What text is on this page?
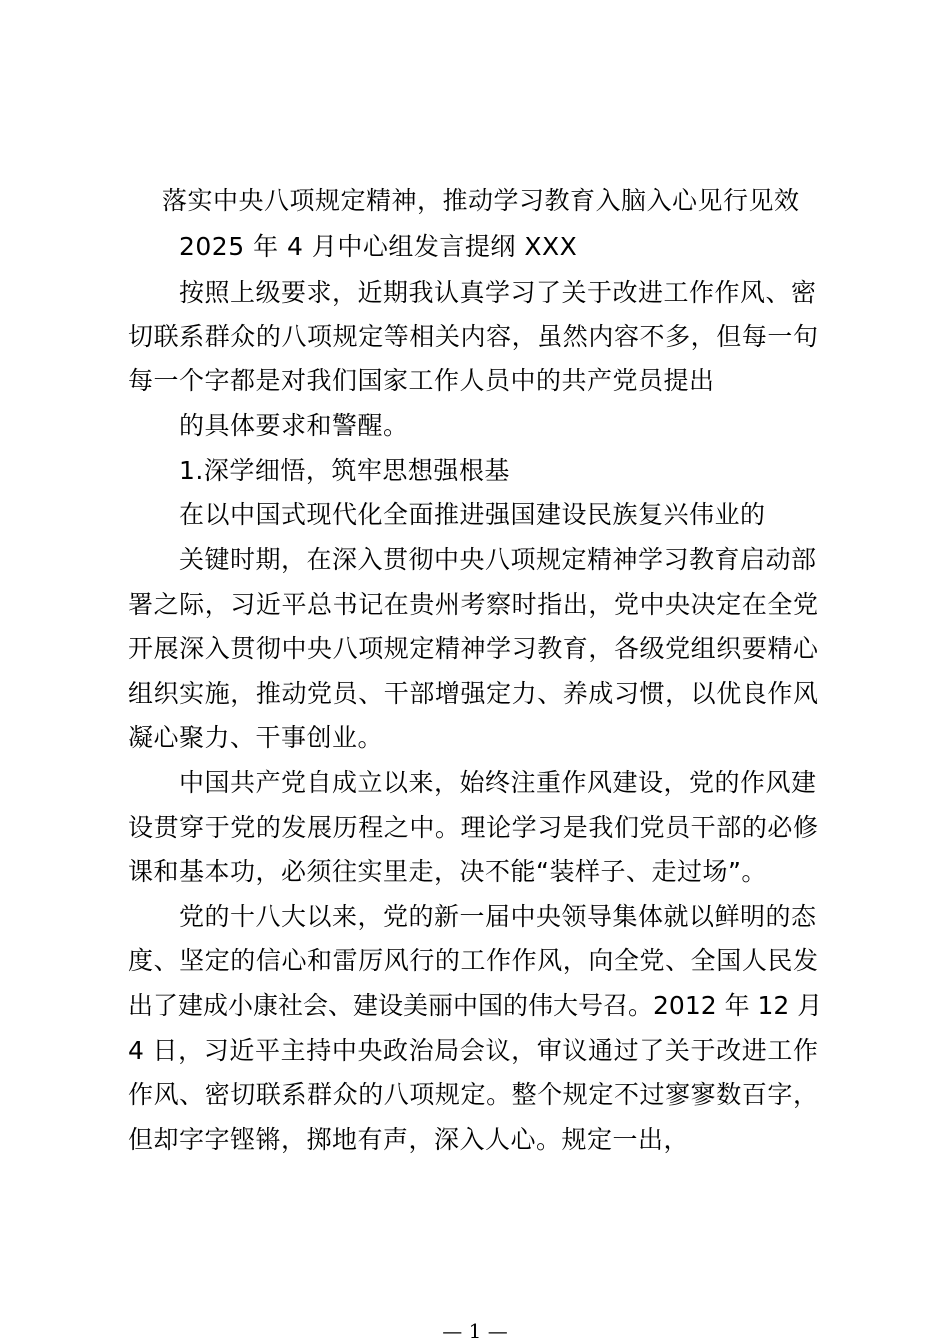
落实中央八项规定精神，推动学习教育入脑入心见行见效
2025 年 4 月中心组发言提纲 XXX
按照上级要求，近期我认真学习了关于改进工作作风、密
切联系群众的八项规定等相关内容，虽然内容不多，但每一句
每一个字都是对我们国家工作人员中的共产党员提出
的具体要求和警醒。
1.深学细悟，筑牢思想强根基
在以中国式现代化全面推进强国建设民族复兴伟业的
关键时期，在深入贯彻中央八项规定精神学习教育启动部
署之际，习近平总书记在贵州考察时指出，党中央决定在全党
开展深入贯彻中央八项规定精神学习教育，各级党组织要精心
组织实施，推动党员、干部增强定力、养成习惯，以优良作风
凝心聚力、干事创业。
中国共产党自成立以来，始终注重作风建设，党的作风建
设贯穿于党的发展历程之中。理论学习是我们党员干部的必修
课和基本功，必须往实里走，决不能“装样子、走过场”。
党的十八大以来，党的新一届中央领导集体就以鲜明的态
度、坚定的信心和雷厉风行的工作作风，向全党、全国人民发
出了建成小康社会、建设美丽中国的伟大号召。2012 年 12 月
4 日，习近平主持中央政治局会议，审议通过了关于改进工作
作风、密切联系群众的八项规定。整个规定不过寥寥数百字，
但却字字铿锵，掷地有声，深入人心。规定一出，
— 1 —
